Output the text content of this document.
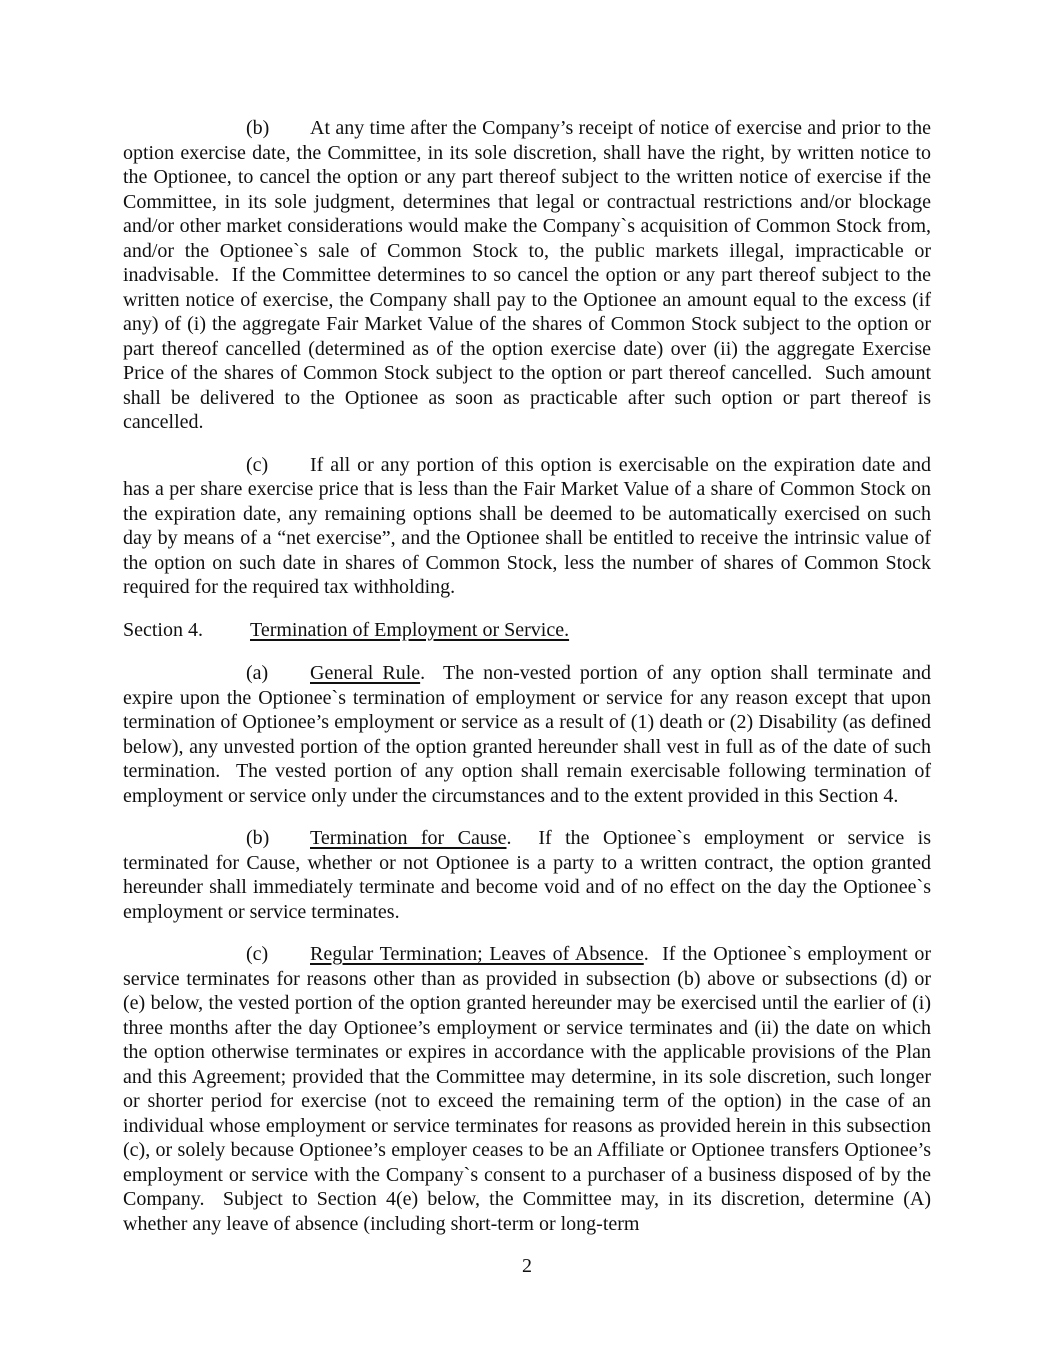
(b) At any time after the Company’s receipt of notice of exercise and prior to the option exercise date, the Committee, in its sole discretion, shall have the right, by written notice to the Optionee, to cancel the option or any part thereof subject to the written notice of exercise if the Committee, in its sole judgment, determines that legal or contractual restrictions and/or blockage and/or other market considerations would make the Company`s acquisition of Common Stock from, and/or the Optionee`s sale of Common Stock to, the public markets illegal, impracticable or inadvisable.  If the Committee determines to so cancel the option or any part thereof subject to the written notice of exercise, the Company shall pay to the Optionee an amount equal to the excess (if any) of (i) the aggregate Fair Market Value of the shares of Common Stock subject to the option or part thereof cancelled (determined as of the option exercise date) over (ii) the aggregate Exercise Price of the shares of Common Stock subject to the option or part thereof cancelled.  Such amount shall be delivered to the Optionee as soon as practicable after such option or part thereof is cancelled.

(c) If all or any portion of this option is exercisable on the expiration date and has a per share exercise price that is less than the Fair Market Value of a share of Common Stock on the expiration date, any remaining options shall be deemed to be automatically exercised on such day by means of a “net exercise”, and the Optionee shall be entitled to receive the intrinsic value of the option on such date in shares of Common Stock, less the number of shares of Common Stock required for the required tax withholding.

Section 4. Termination of Employment or Service.

(a) General Rule.  The non-vested portion of any option shall terminate and expire upon the Optionee`s termination of employment or service for any reason except that upon termination of Optionee’s employment or service as a result of (1) death or (2) Disability (as defined below), any unvested portion of the option granted hereunder shall vest in full as of the date of such termination.  The vested portion of any option shall remain exercisable following termination of employment or service only under the circumstances and to the extent provided in this Section 4.

(b) Termination for Cause.  If the Optionee`s employment or service is terminated for Cause, whether or not Optionee is a party to a written contract, the option granted hereunder shall immediately terminate and become void and of no effect on the day the Optionee`s employment or service terminates.

(c) Regular Termination; Leaves of Absence.  If the Optionee`s employment or service terminates for reasons other than as provided in subsection (b) above or subsections (d) or (e) below, the vested portion of the option granted hereunder may be exercised until the earlier of (i) three months after the day Optionee’s employment or service terminates and (ii) the date on which the option otherwise terminates or expires in accordance with the applicable provisions of the Plan and this Agreement; provided that the Committee may determine, in its sole discretion, such longer or shorter period for exercise (not to exceed the remaining term of the option) in the case of an individual whose employment or service terminates for reasons as provided herein in this subsection (c), or solely because Optionee’s employer ceases to be an Affiliate or Optionee transfers Optionee’s employment or service with the Company`s consent to a purchaser of a business disposed of by the Company.  Subject to Section 4(e) below, the Committee may, in its discretion, determine (A) whether any leave of absence (including short-term or long-term

2
